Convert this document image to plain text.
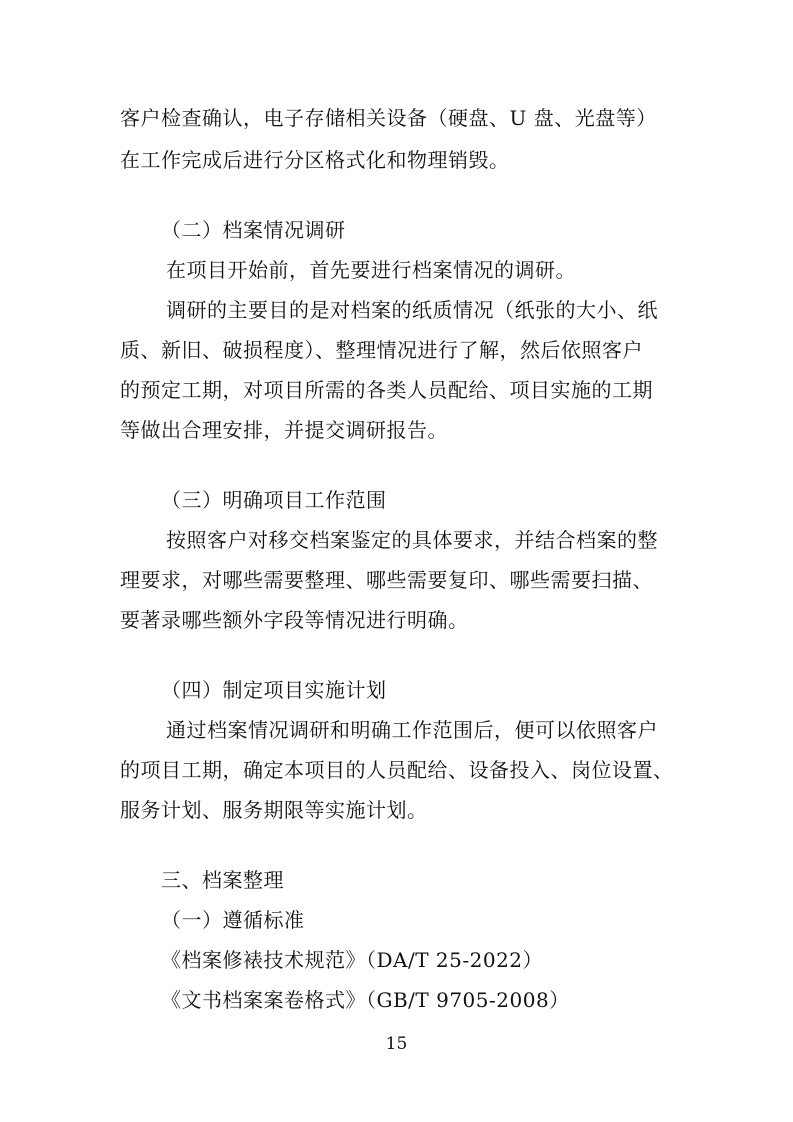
客户检查确认，电子存储相关设备（硬盘、U 盘、光盘等）
在工作完成后进行分区格式化和物理销毁。
（二）档案情况调研
在项目开始前，首先要进行档案情况的调研。
调研的主要目的是对档案的纸质情况（纸张的大小、纸
质、新旧、破损程度）、整理情况进行了解，然后依照客户
的预定工期，对项目所需的各类人员配给、项目实施的工期
等做出合理安排，并提交调研报告。
（三）明确项目工作范围
按照客户对移交档案鉴定的具体要求，并结合档案的整
理要求，对哪些需要整理、哪些需要复印、哪些需要扫描、
要著录哪些额外字段等情况进行明确。
（四）制定项目实施计划
通过档案情况调研和明确工作范围后，便可以依照客户
的项目工期，确定本项目的人员配给、设备投入、岗位设置、
服务计划、服务期限等实施计划。
三、档案整理
（一）遵循标准
《档案修裱技术规范》（DA/T 25-2022）
《文书档案案卷格式》（GB/T 9705-2008）
15
